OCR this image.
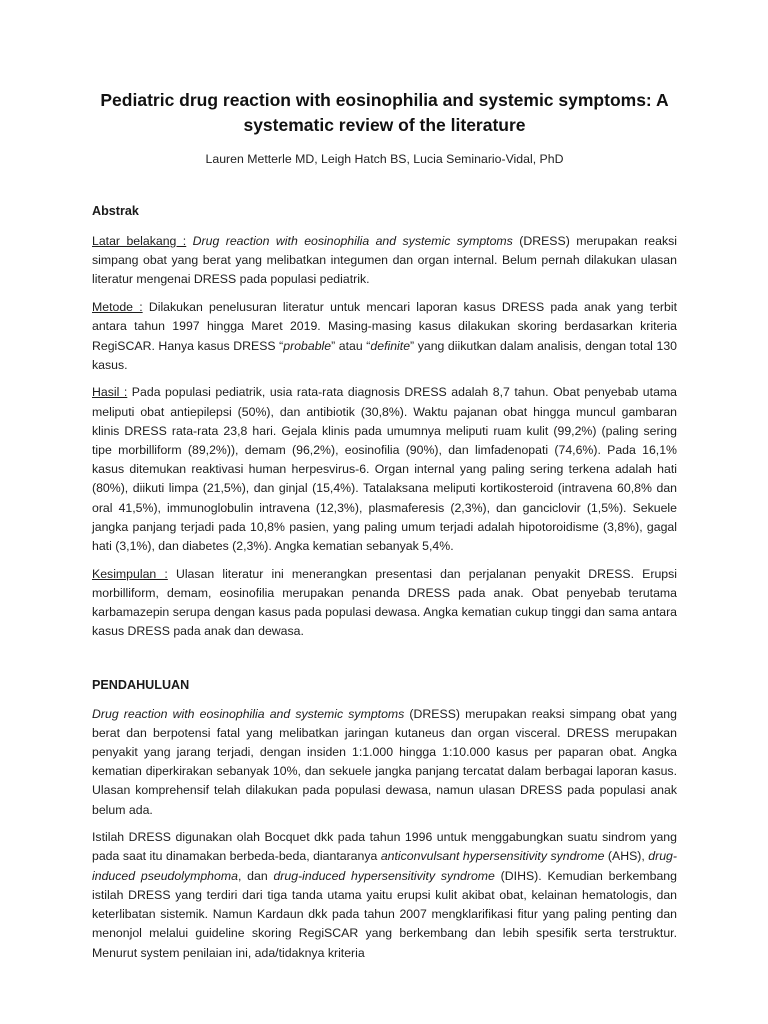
Pediatric drug reaction with eosinophilia and systemic symptoms: A systematic review of the literature
Lauren Metterle MD, Leigh Hatch BS, Lucia Seminario-Vidal, PhD
Abstrak

Latar belakang : Drug reaction with eosinophilia and systemic symptoms (DRESS) merupakan reaksi simpang obat yang berat yang melibatkan integumen dan organ internal. Belum pernah dilakukan ulasan literatur mengenai DRESS pada populasi pediatrik.

Metode : Dilakukan penelusuran literatur untuk mencari laporan kasus DRESS pada anak yang terbit antara tahun 1997 hingga Maret 2019. Masing-masing kasus dilakukan skoring berdasarkan kriteria RegiSCAR. Hanya kasus DRESS “probable” atau “definite” yang diikutkan dalam analisis, dengan total 130 kasus.

Hasil : Pada populasi pediatrik, usia rata-rata diagnosis DRESS adalah 8,7 tahun. Obat penyebab utama meliputi obat antiepilepsi (50%), dan antibiotik (30,8%). Waktu pajanan obat hingga muncul gambaran klinis DRESS rata-rata 23,8 hari. Gejala klinis pada umumnya meliputi ruam kulit (99,2%) (paling sering tipe morbilliform (89,2%)), demam (96,2%), eosinofilia (90%), dan limfadenopati (74,6%). Pada 16,1% kasus ditemukan reaktivasi human herpesvirus-6. Organ internal yang paling sering terkena adalah hati (80%), diikuti limpa (21,5%), dan ginjal (15,4%). Tatalaksana meliputi kortikosteroid (intravena 60,8% dan oral 41,5%), immunoglobulin intravena (12,3%), plasmaferesis (2,3%), dan ganciclovir (1,5%). Sekuele jangka panjang terjadi pada 10,8% pasien, yang paling umum terjadi adalah hipotoroidisme (3,8%), gagal hati (3,1%), dan diabetes (2,3%). Angka kematian sebanyak 5,4%.

Kesimpulan : Ulasan literatur ini menerangkan presentasi dan perjalanan penyakit DRESS. Erupsi morbilliform, demam, eosinofilia merupakan penanda DRESS pada anak. Obat penyebab terutama karbamazepin serupa dengan kasus pada populasi dewasa. Angka kematian cukup tinggi dan sama antara kasus DRESS pada anak dan dewasa.

PENDAHULUAN

Drug reaction with eosinophilia and systemic symptoms (DRESS) merupakan reaksi simpang obat yang berat dan berpotensi fatal yang melibatkan jaringan kutaneus dan organ visceral. DRESS merupakan penyakit yang jarang terjadi, dengan insiden 1:1.000 hingga 1:10.000 kasus per paparan obat. Angka kematian diperkirakan sebanyak 10%, dan sekuele jangka panjang tercatat dalam berbagai laporan kasus. Ulasan komprehensif telah dilakukan pada populasi dewasa, namun ulasan DRESS pada populasi anak belum ada.

Istilah DRESS digunakan olah Bocquet dkk pada tahun 1996 untuk menggabungkan suatu sindrom yang pada saat itu dinamakan berbeda-beda, diantaranya anticonvulsant hypersensitivity syndrome (AHS), drug-induced pseudolymphoma, dan drug-induced hypersensitivity syndrome (DIHS). Kemudian berkembang istilah DRESS yang terdiri dari tiga tanda utama yaitu erupsi kulit akibat obat, kelainan hematologis, dan keterlibatan sistemik. Namun Kardaun dkk pada tahun 2007 mengklarifikasi fitur yang paling penting dan menonjol melalui guideline skoring RegiSCAR yang berkembang dan lebih spesifik serta terstruktur. Menurut system penilaian ini, ada/tidaknya kriteria
